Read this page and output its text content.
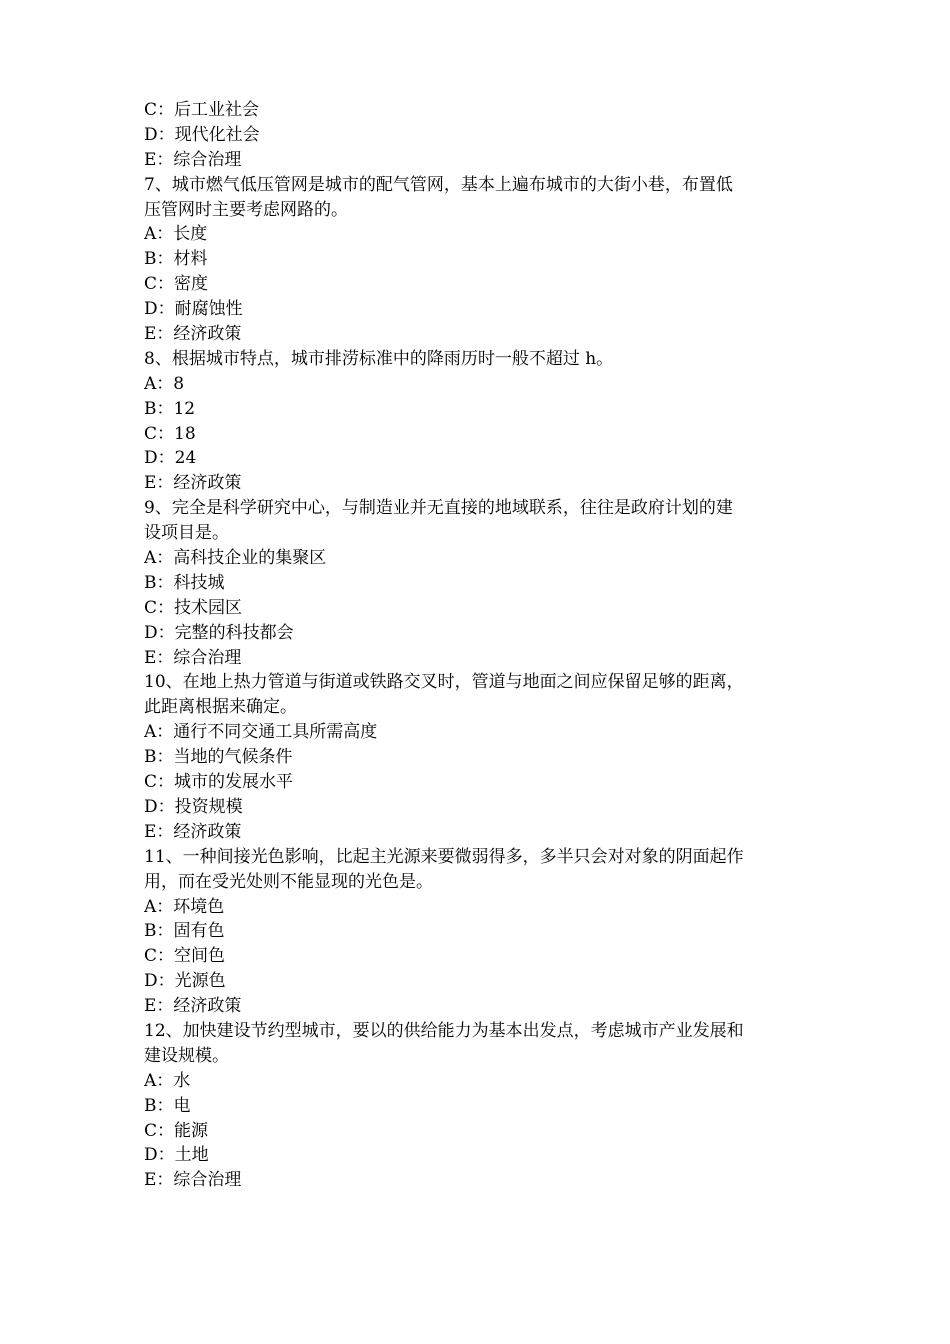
C：后工业社会
D：现代化社会
E：综合治理
7、城市燃气低压管网是城市的配气管网，基本上遍布城市的大街小巷，布置低
压管网时主要考虑网路的。
A：长度
B：材料
C：密度
D：耐腐蚀性
E：经济政策
8、根据城市特点，城市排涝标准中的降雨历时一般不超过 h。
A：8
B：12
C：18
D：24
E：经济政策
9、完全是科学研究中心，与制造业并无直接的地域联系，往往是政府计划的建
设项目是。
A：高科技企业的集聚区
B：科技城
C：技术园区
D：完整的科技都会
E：综合治理
10、在地上热力管道与街道或铁路交叉时，管道与地面之间应保留足够的距离，
此距离根据来确定。
A：通行不同交通工具所需高度
B：当地的气候条件
C：城市的发展水平
D：投资规模
E：经济政策
11、一种间接光色影响，比起主光源来要微弱得多，多半只会对对象的阴面起作
用，而在受光处则不能显现的光色是。
A：环境色
B：固有色
C：空间色
D：光源色
E：经济政策
12、加快建设节约型城市，要以的供给能力为基本出发点，考虑城市产业发展和
建设规模。
A：水
B：电
C：能源
D：土地
E：综合治理
